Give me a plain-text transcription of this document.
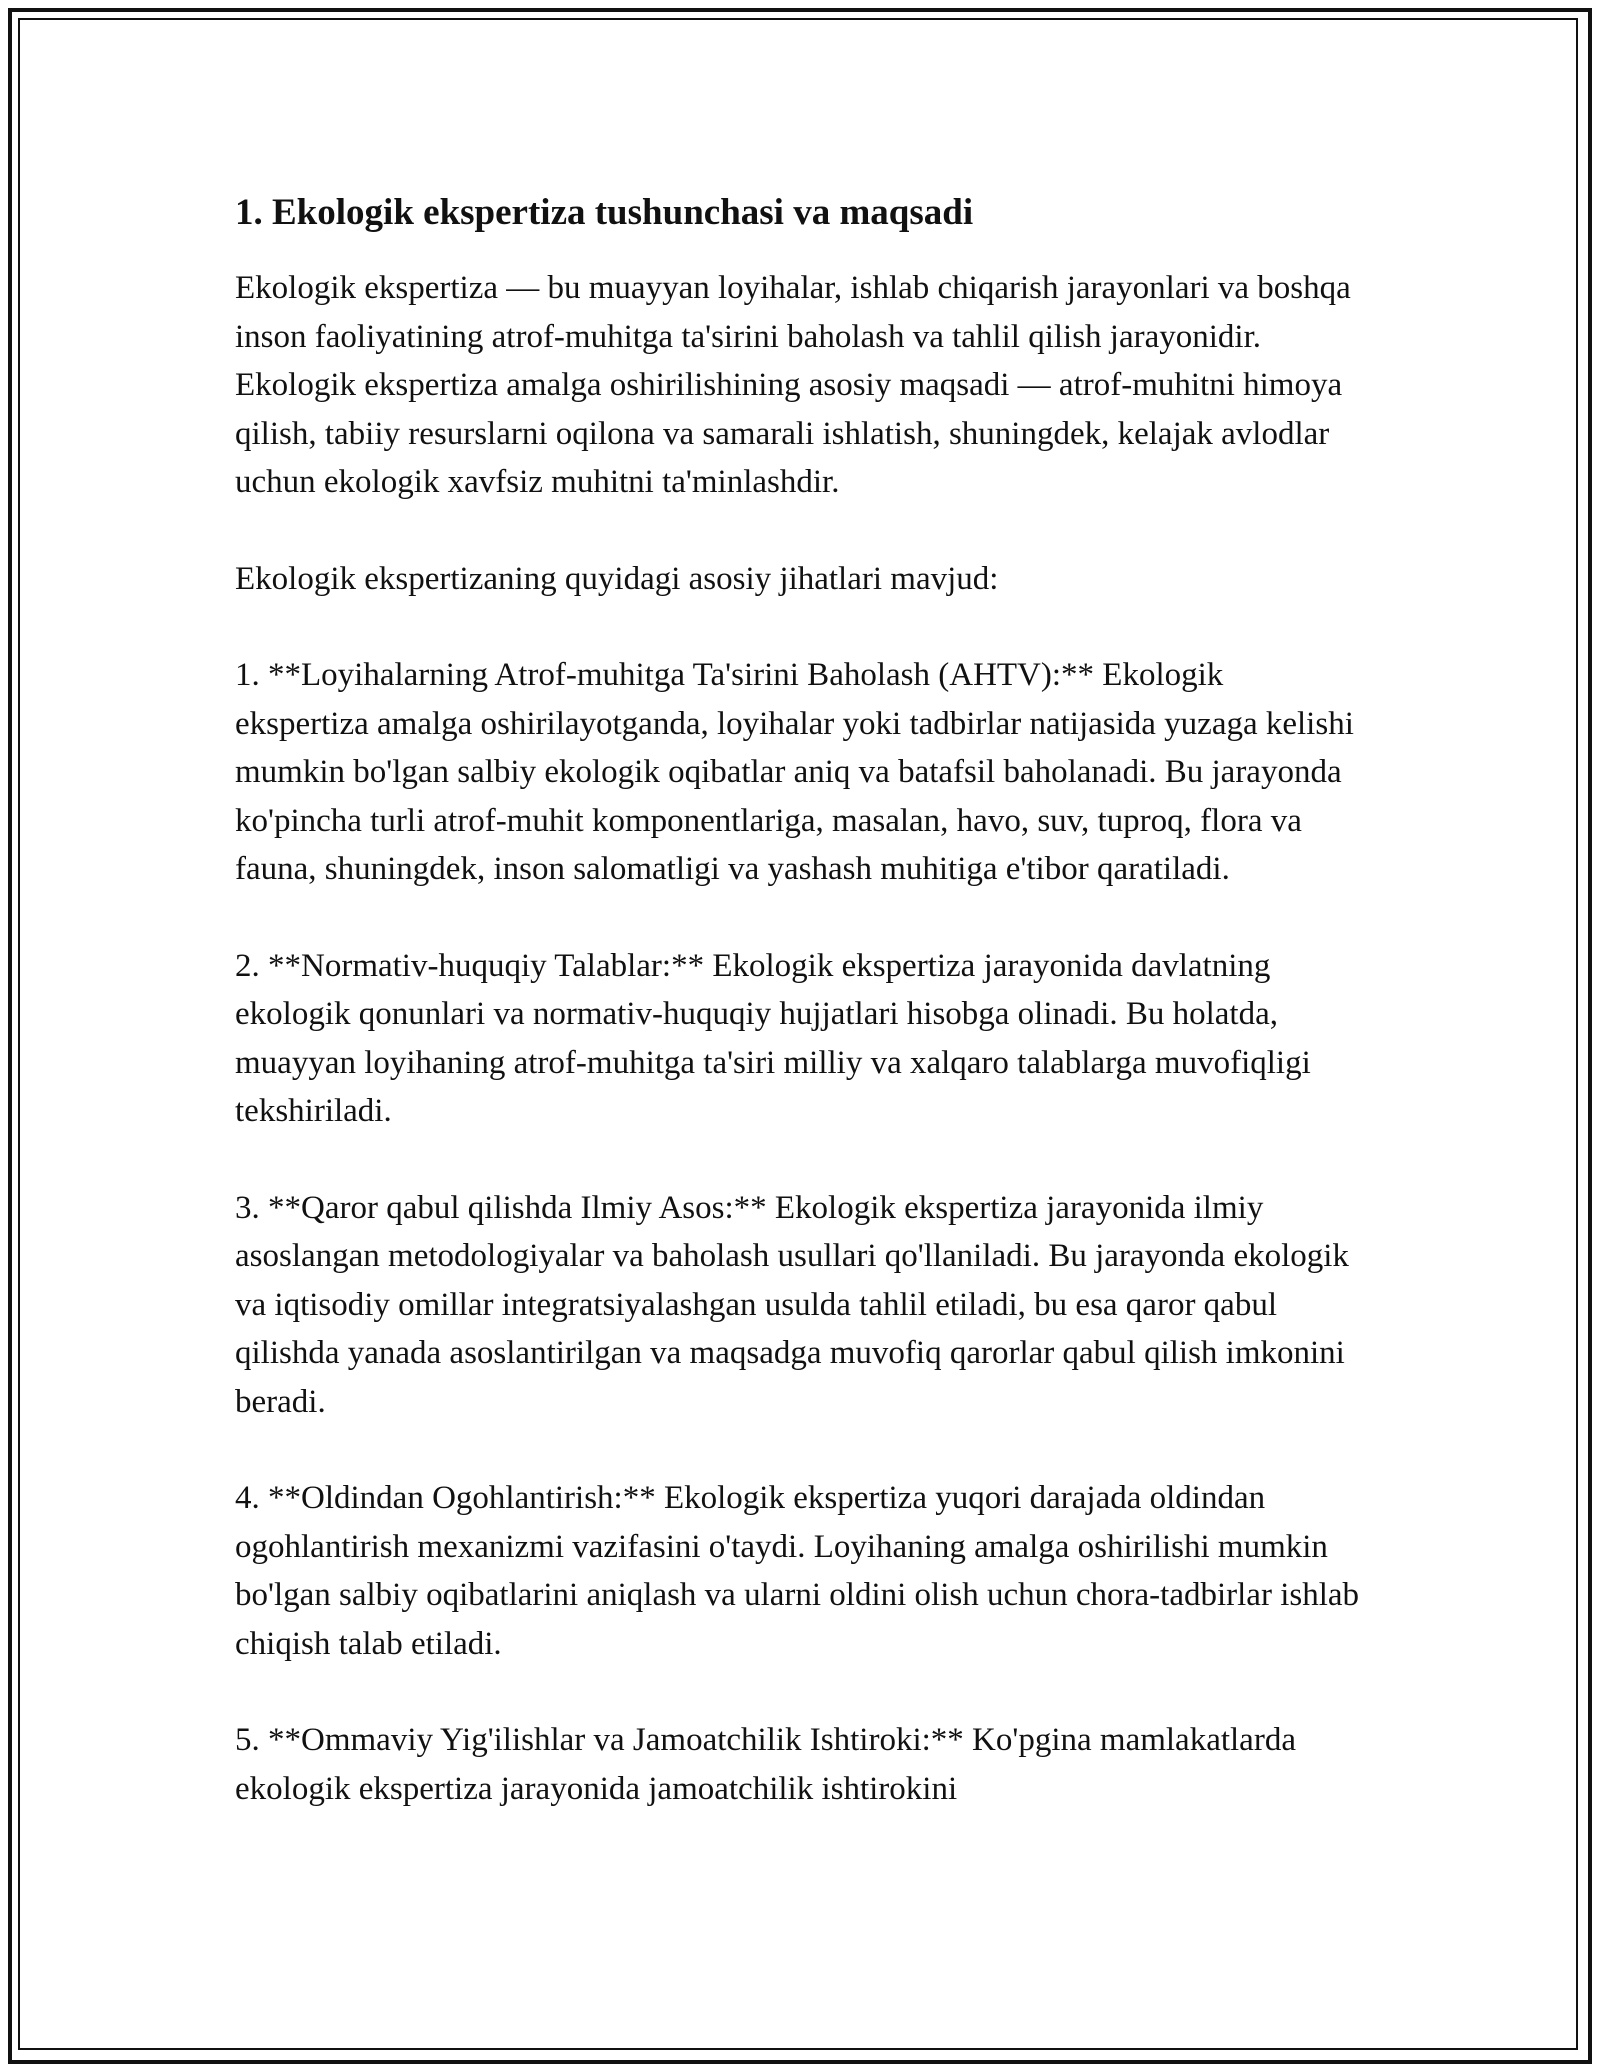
1. Ekologik ekspertiza tushunchasi va maqsadi

Ekologik ekspertiza — bu muayyan loyihalar, ishlab chiqarish jarayonlari va boshqa inson faoliyatining atrof-muhitga ta'sirini baholash va tahlil qilish jarayonidir. Ekologik ekspertiza amalga oshirilishining asosiy maqsadi — atrof-muhitni himoya qilish, tabiiy resurslarni oqilona va samarali ishlatish, shuningdek, kelajak avlodlar uchun ekologik xavfsiz muhitni ta'minlashdir.

Ekologik ekspertizaning quyidagi asosiy jihatlari mavjud:

1. **Loyihalarning Atrof-muhitga Ta'sirini Baholash (AHTV):** Ekologik ekspertiza amalga oshirilayotganda, loyihalar yoki tadbirlar natijasida yuzaga kelishi mumkin bo'lgan salbiy ekologik oqibatlar aniq va batafsil baholanadi. Bu jarayonda ko'pincha turli atrof-muhit komponentlariga, masalan, havo, suv, tuproq, flora va fauna, shuningdek, inson salomatligi va yashash muhitiga e'tibor qaratiladi.

2. **Normativ-huquqiy Talablar:** Ekologik ekspertiza jarayonida davlatning ekologik qonunlari va normativ-huquqiy hujjatlari hisobga olinadi. Bu holatda, muayyan loyihaning atrof-muhitga ta'siri milliy va xalqaro talablarga muvofiqligi tekshiriladi.

3. **Qaror qabul qilishda Ilmiy Asos:** Ekologik ekspertiza jarayonida ilmiy asoslangan metodologiyalar va baholash usullari qo'llaniladi. Bu jarayonda ekologik va iqtisodiy omillar integratsiyalashgan usulda tahlil etiladi, bu esa qaror qabul qilishda yanada asoslantirilgan va maqsadga muvofiq qarorlar qabul qilish imkonini beradi.

4. **Oldindan Ogohlantirish:** Ekologik ekspertiza yuqori darajada oldindan ogohlantirish mexanizmi vazifasini o'taydi. Loyihaning amalga oshirilishi mumkin bo'lgan salbiy oqibatlarini aniqlash va ularni oldini olish uchun chora-tadbirlar ishlab chiqish talab etiladi.

5. **Ommaviy Yig'ilishlar va Jamoatchilik Ishtiroki:** Ko'pgina mamlakatlarda ekologik ekspertiza jarayonida jamoatchilik ishtirokini
